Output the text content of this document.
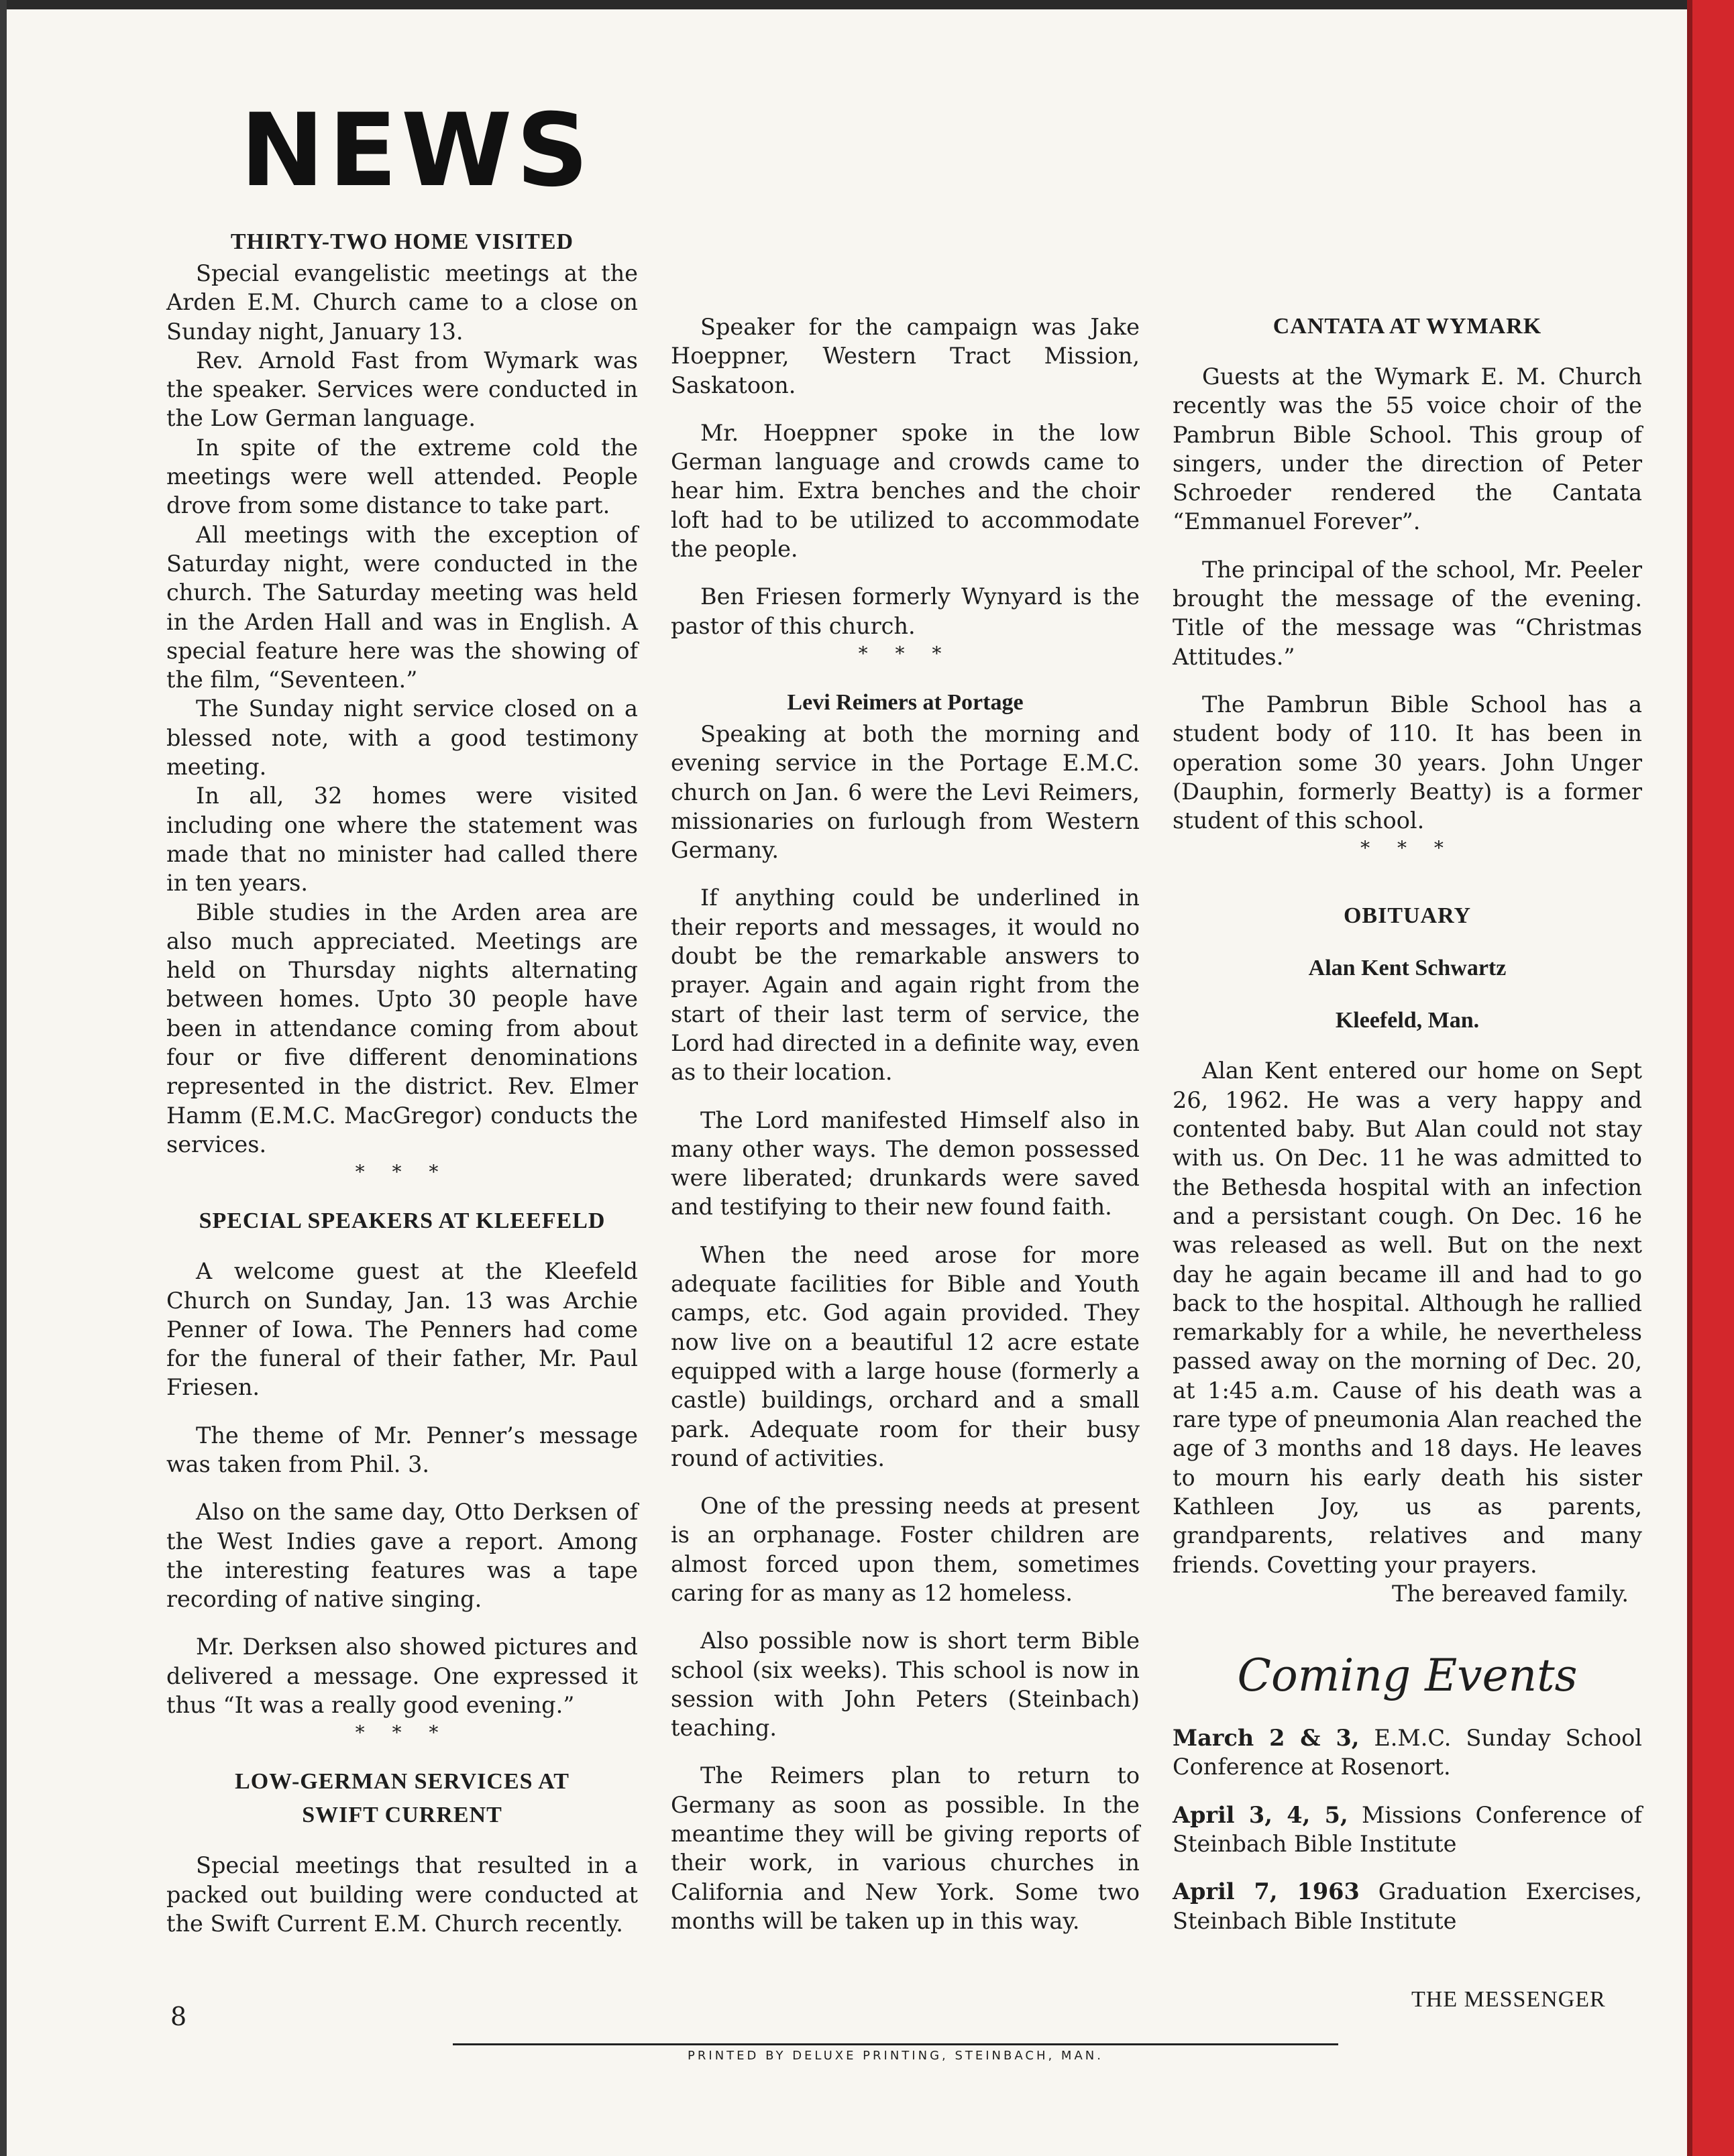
NEWS
THIRTY-TWO HOME VISITED

Special evangelistic meetings at the Arden E.M. Church came to a close on Sunday night, January 13.

Rev. Arnold Fast from Wymark was the speaker. Services were conducted in the Low German language.

In spite of the extreme cold the meetings were well attended. People drove from some distance to take part.

All meetings with the exception of Saturday night, were conducted in the church. The Saturday meeting was held in the Arden Hall and was in English. A special feature here was the showing of the film, “Seventeen.”

The Sunday night service closed on a blessed note, with a good testimony meeting.

In all, 32 homes were visited including one where the statement was made that no minister had called there in ten years.

Bible studies in the Arden area are also much appreciated. Meetings are held on Thursday nights alternating between homes. Upto 30 people have been in attendance coming from about four or five different denominations represented in the district. Rev. Elmer Hamm (E.M.C. MacGregor) conducts the services.

* * *
SPECIAL SPEAKERS AT KLEEFELD

A welcome guest at the Kleefeld Church on Sunday, Jan. 13 was Archie Penner of Iowa. The Penners had come for the funeral of their father, Mr. Paul Friesen.

The theme of Mr. Penner’s message was taken from Phil. 3.

Also on the same day, Otto Derksen of the West Indies gave a report. Among the interesting features was a tape recording of native singing.

Mr. Derksen also showed pictures and delivered a message. One expressed it thus “It was a really good evening.”

* * *
LOW-GERMAN SERVICES AT
SWIFT CURRENT

Special meetings that resulted in a packed out building were conducted at the Swift Current E.M. Church recently.

Speaker for the campaign was Jake Hoeppner, Western Tract Mission, Saskatoon.

Mr. Hoeppner spoke in the low German language and crowds came to hear him. Extra benches and the choir loft had to be utilized to accommodate the people.

Ben Friesen formerly Wynyard is the pastor of this church.

* * *
Levi Reimers at Portage

Speaking at both the morning and evening service in the Portage E.M.C. church on Jan. 6 were the Levi Reimers, missionaries on furlough from Western Germany.

If anything could be underlined in their reports and messages, it would no doubt be the remarkable answers to prayer. Again and again right from the start of their last term of service, the Lord had directed in a definite way, even as to their location.

The Lord manifested Himself also in many other ways. The demon possessed were liberated; drunkards were saved and testifying to their new found faith.

When the need arose for more adequate facilities for Bible and Youth camps, etc. God again provided. They now live on a beautiful 12 acre estate equipped with a large house (formerly a castle) buildings, orchard and a small park. Adequate room for their busy round of activities.

One of the pressing needs at present is an orphanage. Foster children are almost forced upon them, sometimes caring for as many as 12 homeless.

Also possible now is short term Bible school (six weeks). This school is now in session with John Peters (Steinbach) teaching.

The Reimers plan to return to Germany as soon as possible. In the meantime they will be giving reports of their work, in various churches in California and New York. Some two months will be taken up in this way.

CANTATA AT WYMARK

Guests at the Wymark E. M. Church recently was the 55 voice choir of the Pambrun Bible School. This group of singers, under the direction of Peter Schroeder rendered the Cantata “Emmanuel Forever”.

The principal of the school, Mr. Peeler brought the message of the evening. Title of the message was “Christmas Attitudes.”

The Pambrun Bible School has a student body of 110. It has been in operation some 30 years. John Unger (Dauphin, formerly Beatty) is a former student of this school.

* * *
OBITUARY
Alan Kent Schwartz
Kleefeld, Man.

Alan Kent entered our home on Sept 26, 1962. He was a very happy and contented baby. But Alan could not stay with us. On Dec. 11 he was admitted to the Bethesda hospital with an infection and a persistant cough. On Dec. 16 he was released as well. But on the next day he again became ill and had to go back to the hospital. Although he rallied remarkably for a while, he nevertheless passed away on the morning of Dec. 20, at 1:45 a.m. Cause of his death was a rare type of pneumonia Alan reached the age of 3 months and 18 days. He leaves to mourn his early death his sister Kathleen Joy, us as parents, grandparents, relatives and many friends. Covetting your prayers.

The bereaved family.
Coming Events

March 2 & 3, E.M.C. Sunday School Conference at Rosenort.

April 3, 4, 5, Missions Conference of Steinbach Bible Institute

April 7, 1963 Graduation Exercises, Steinbach Bible Institute

8
THE MESSENGER
PRINTED BY DELUXE PRINTING, STEINBACH, MAN.
